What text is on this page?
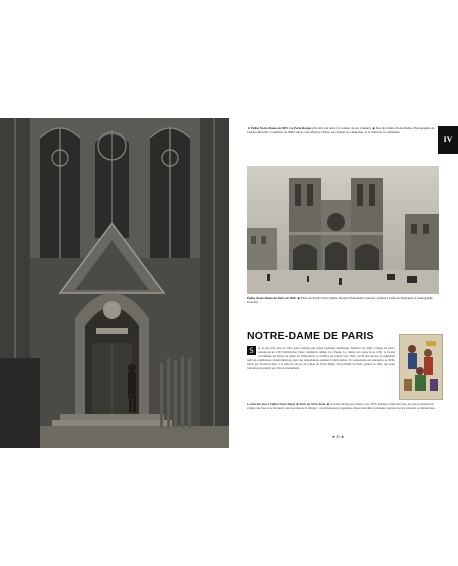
◄ Église Notre-Dame en 1833. La Porte Rouge (elle doit son nom à la couleur de ses vantaux). ◉ Rue du Cloître-Notre-Dame. Photographie de Charles Marville. Construite au XIIIe siècle, elle reliait le cloître, où vivaient les chanoines, et le chœur de la cathédrale.
IV
Église Notre-Dame de Paris en 1840. ◉ Place du Parvis Notre-Dame. Dessin d'Alexandre Guérard. (réalisé à l'aide du diagraphe et pantographe Gavard).
NOTRE-DAME DE PARIS
S	ur le site d'un lieu de culte gallo-romain puis d'une basilique chrétienne, Maurice de Sully, évêque de Paris, entreprend en 1163 l'édification d'une cathédrale dédiée à la Vierge. Le chœur est consacré en 1182, la façade occidentale est élevée au début du XIIIe siècle, et l'édifice est achevé vers 1345. Au fil des siècles, la cathédrale subit de nombreuses transformations, puis des dégradations pendant la Révolution. Sa restauration est entreprise au XIXe siècle par Viollet-le-Duc, à la suite du succès du roman de Victor Hugo, Notre-Dame de Paris, publié en 1831, qui attira l'attention du public sur l'état du monument.
La fête des fous à l'église Notre-Dame de Paris au XIVe siècle. ◉ Gravure publiée par Charles vers 1870. Pendant la fête des fous, les clercs élisaient un évêque des fous et se livraient à des parodies de la liturgie ; ces réjouissances populaires furent interdites à plusieurs reprises par les autorités ecclésiastiques.
◄ 41 ►
